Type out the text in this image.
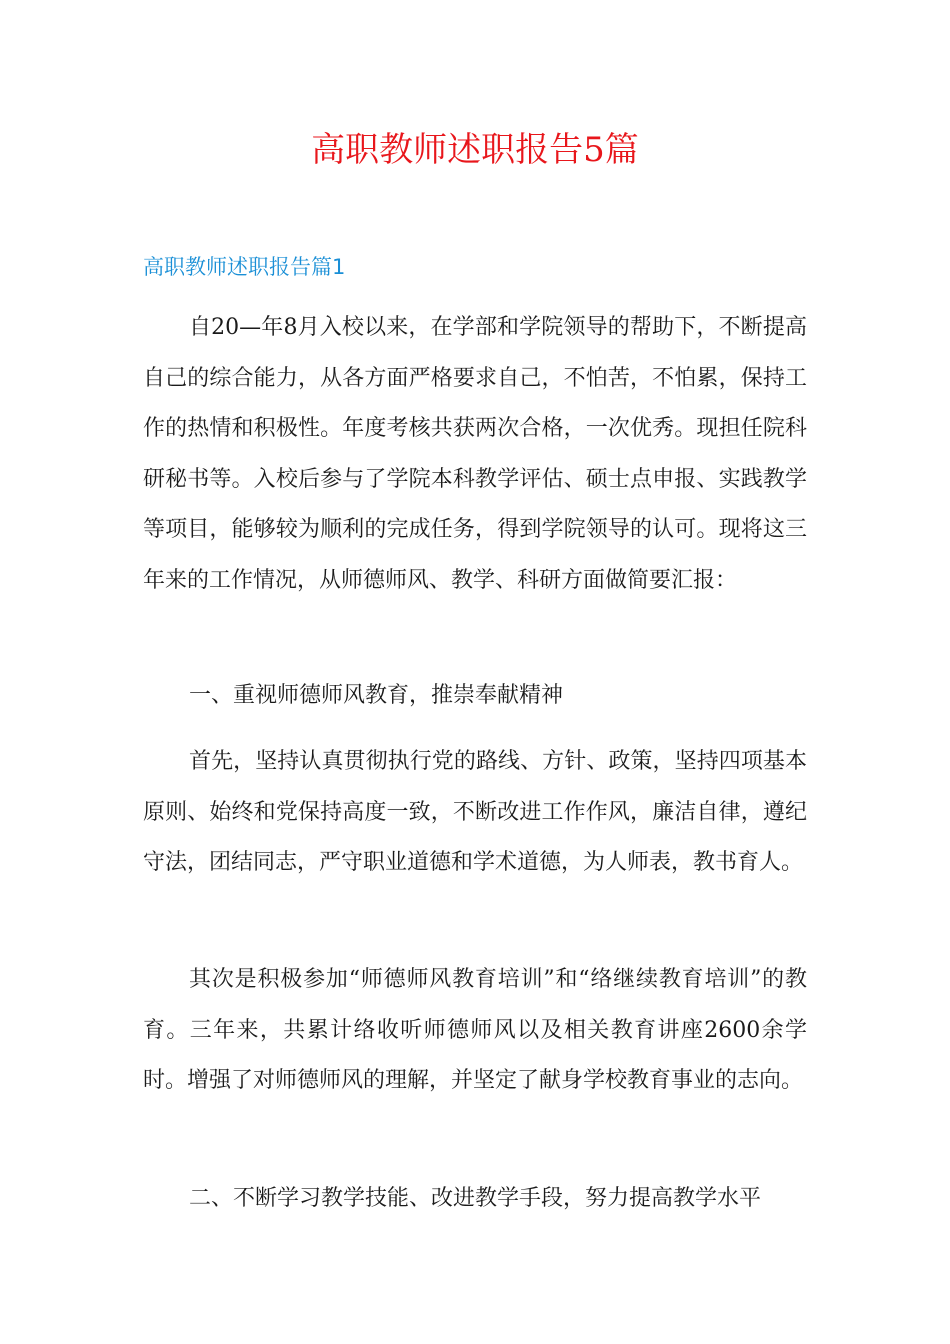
高职教师述职报告5篇
高职教师述职报告篇1

自20—年8月入校以来，在学部和学院领导的帮助下，不断提高自己的综合能力，从各方面严格要求自己，不怕苦，不怕累，保持工作的热情和积极性。年度考核共获两次合格，一次优秀。现担任院科研秘书等。入校后参与了学院本科教学评估、硕士点申报、实践教学等项目，能够较为顺利的完成任务，得到学院领导的认可。现将这三年来的工作情况，从师德师风、教学、科研方面做简要汇报：

一、重视师德师风教育，推崇奉献精神

首先，坚持认真贯彻执行党的路线、方针、政策，坚持四项基本原则、始终和党保持高度一致，不断改进工作作风，廉洁自律，遵纪守法，团结同志，严守职业道德和学术道德，为人师表，教书育人。

其次是积极参加“师德师风教育培训”和“络继续教育培训”的教育。三年来，共累计络收听师德师风以及相关教育讲座2600余学时。增强了对师德师风的理解，并坚定了献身学校教育事业的志向。

二、不断学习教学技能、改进教学手段，努力提高教学水平
